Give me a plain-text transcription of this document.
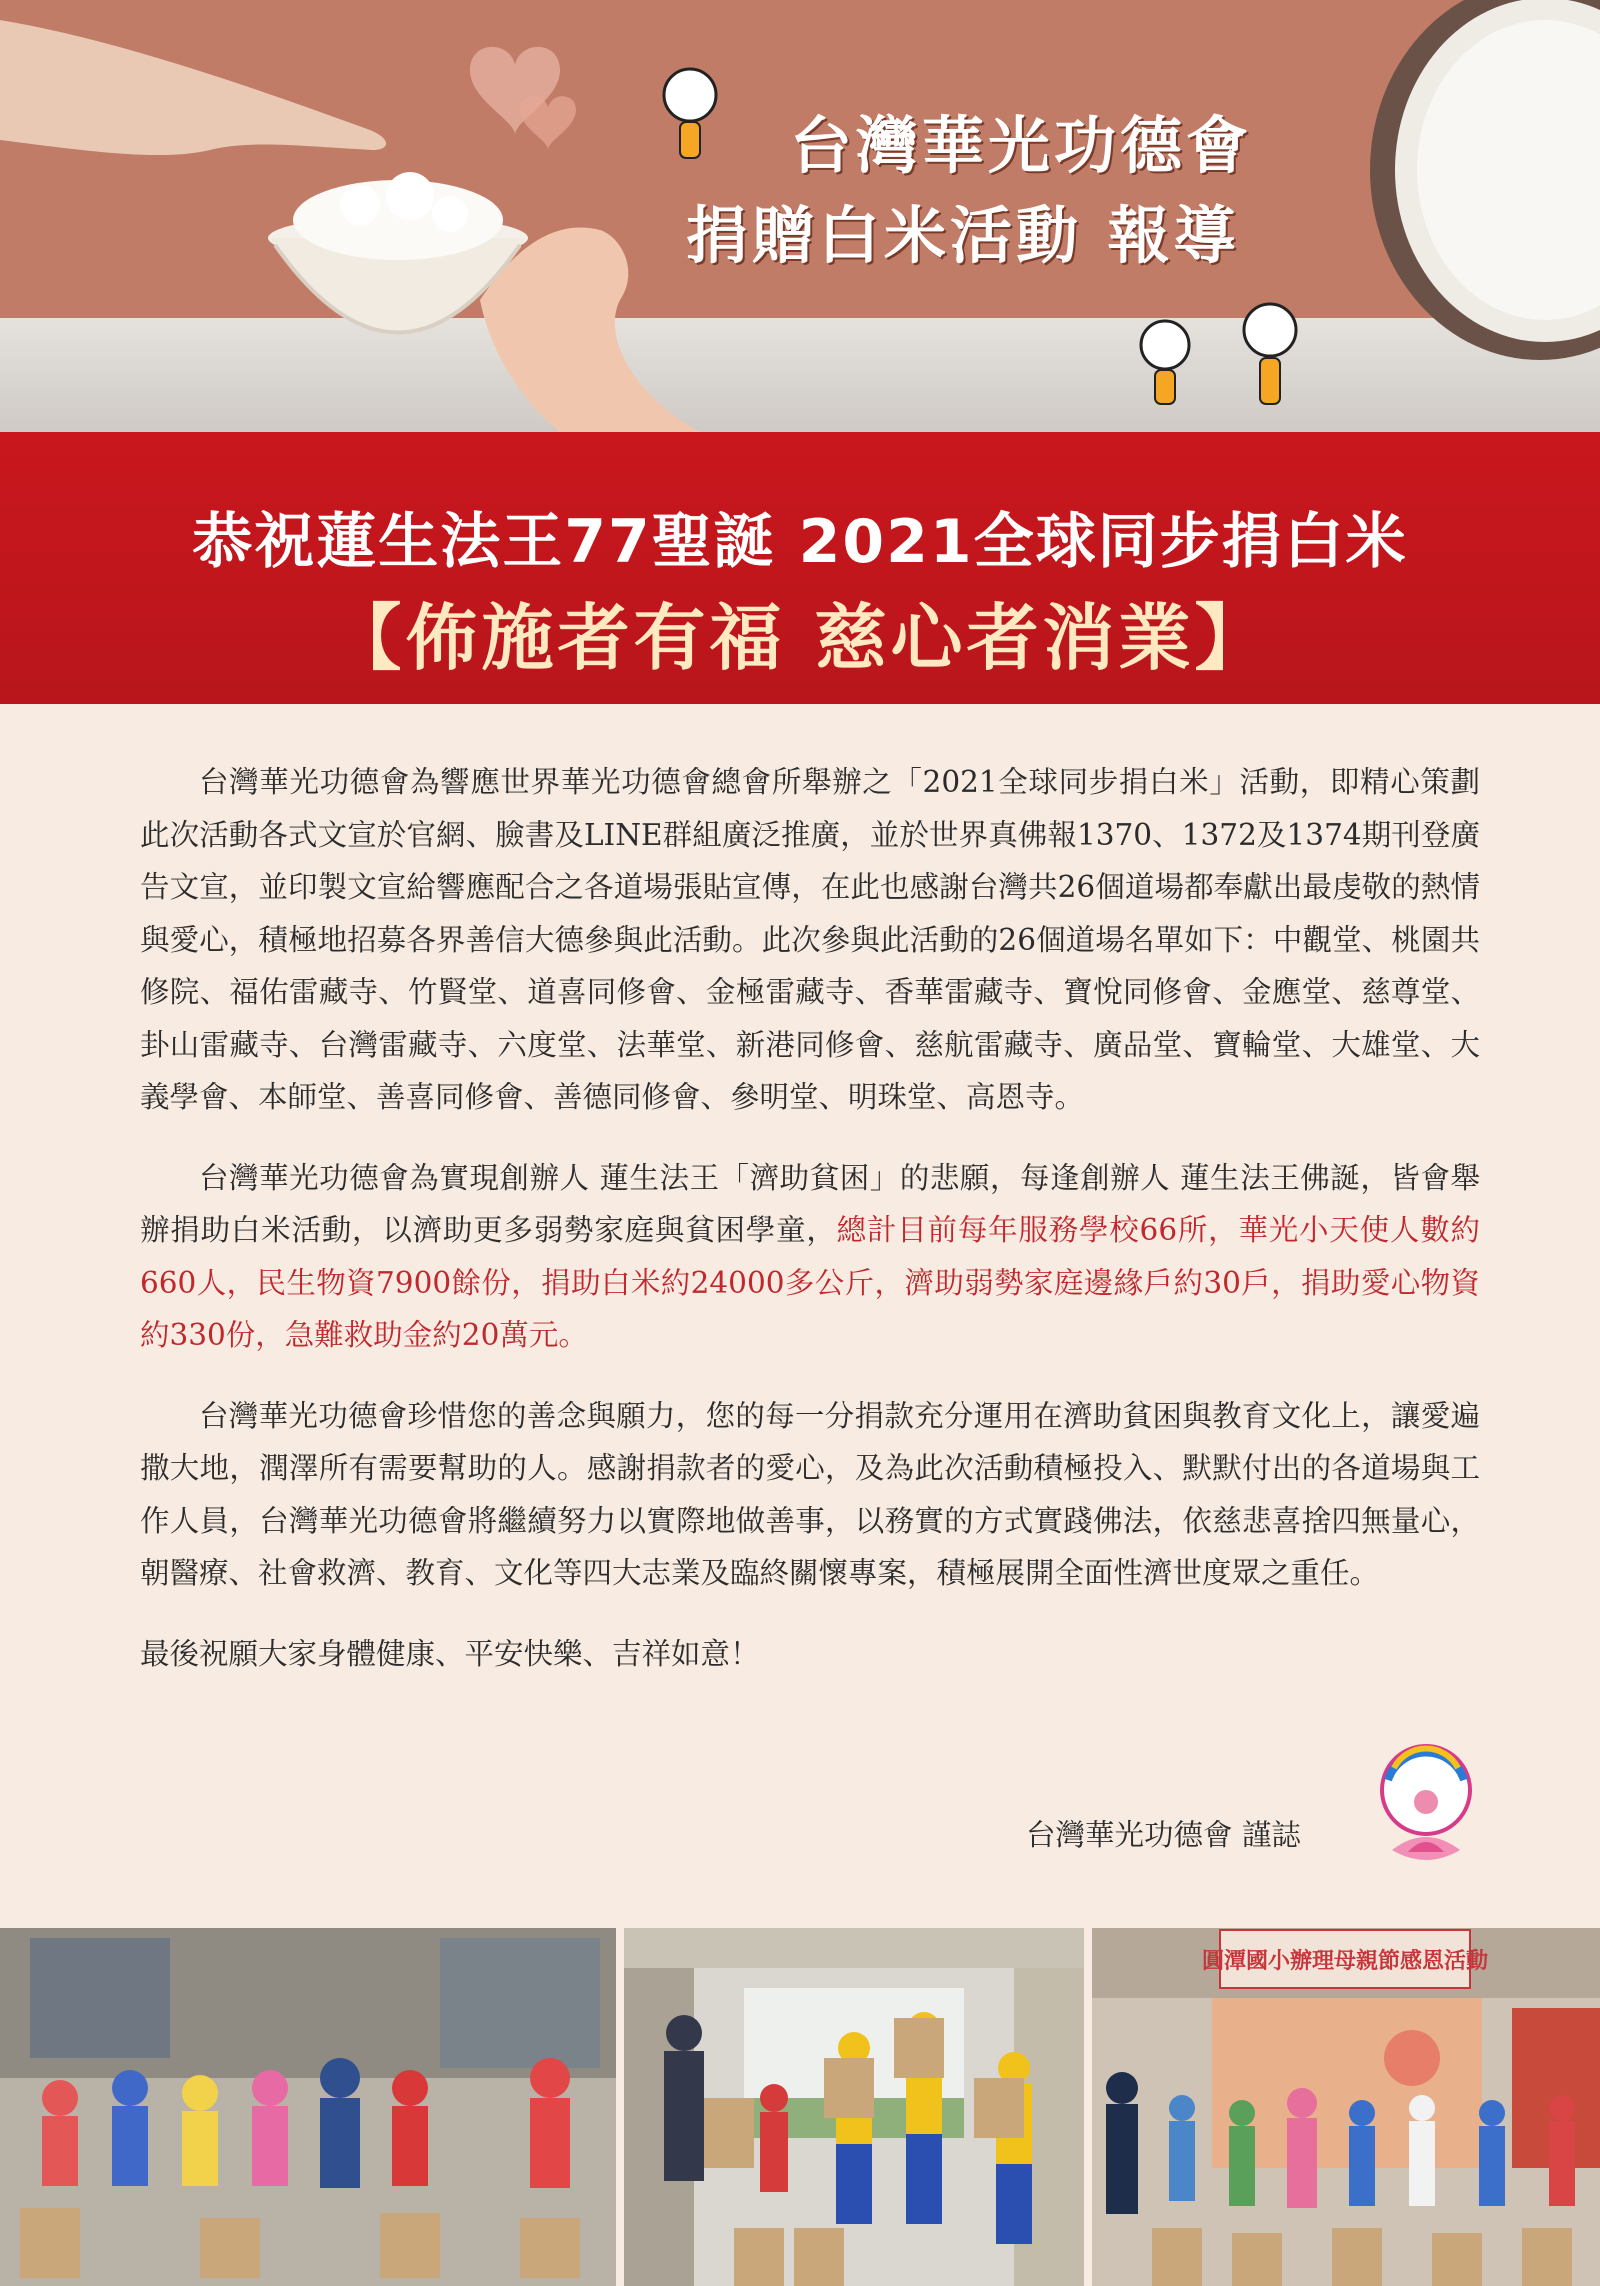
台灣華光功德會
捐贈白米活動 報導
恭祝蓮生法王77聖誕 2021全球同步捐白米
【佈施者有福 慈心者消業】

台灣華光功德會為響應世界華光功德會總會所舉辦之「2021全球同步捐白米」活動，即精心策劃此次活動各式文宣於官網、臉書及LINE群組廣泛推廣，並於世界真佛報1370、1372及1374期刊登廣告文宣，並印製文宣給響應配合之各道場張貼宣傳，在此也感謝台灣共26個道場都奉獻出最虔敬的熱情與愛心，積極地招募各界善信大德參與此活動。此次參與此活動的26個道場名單如下：中觀堂、桃園共修院、福佑雷藏寺、竹賢堂、道喜同修會、金極雷藏寺、香華雷藏寺、寶悅同修會、金應堂、慈尊堂、卦山雷藏寺、台灣雷藏寺、六度堂、法華堂、新港同修會、慈航雷藏寺、廣品堂、寶輪堂、大雄堂、大義學會、本師堂、善喜同修會、善德同修會、參明堂、明珠堂、高恩寺。

台灣華光功德會為實現創辦人 蓮生法王「濟助貧困」的悲願，每逢創辦人 蓮生法王佛誕，皆會舉辦捐助白米活動，以濟助更多弱勢家庭與貧困學童，總計目前每年服務學校66所，華光小天使人數約660人，民生物資7900餘份，捐助白米約24000多公斤，濟助弱勢家庭邊緣戶約30戶，捐助愛心物資約330份，急難救助金約20萬元。

台灣華光功德會珍惜您的善念與願力，您的每一分捐款充分運用在濟助貧困與教育文化上，讓愛遍撒大地，潤澤所有需要幫助的人。感謝捐款者的愛心，及為此次活動積極投入、默默付出的各道場與工作人員，台灣華光功德會將繼續努力以實際地做善事，以務實的方式實踐佛法，依慈悲喜捨四無量心，朝醫療、社會救濟、教育、文化等四大志業及臨終關懷專案，積極展開全面性濟世度眾之重任。

最後祝願大家身體健康、平安快樂、吉祥如意！

台灣華光功德會 謹誌
圓潭國小辦理母親節感恩活動
